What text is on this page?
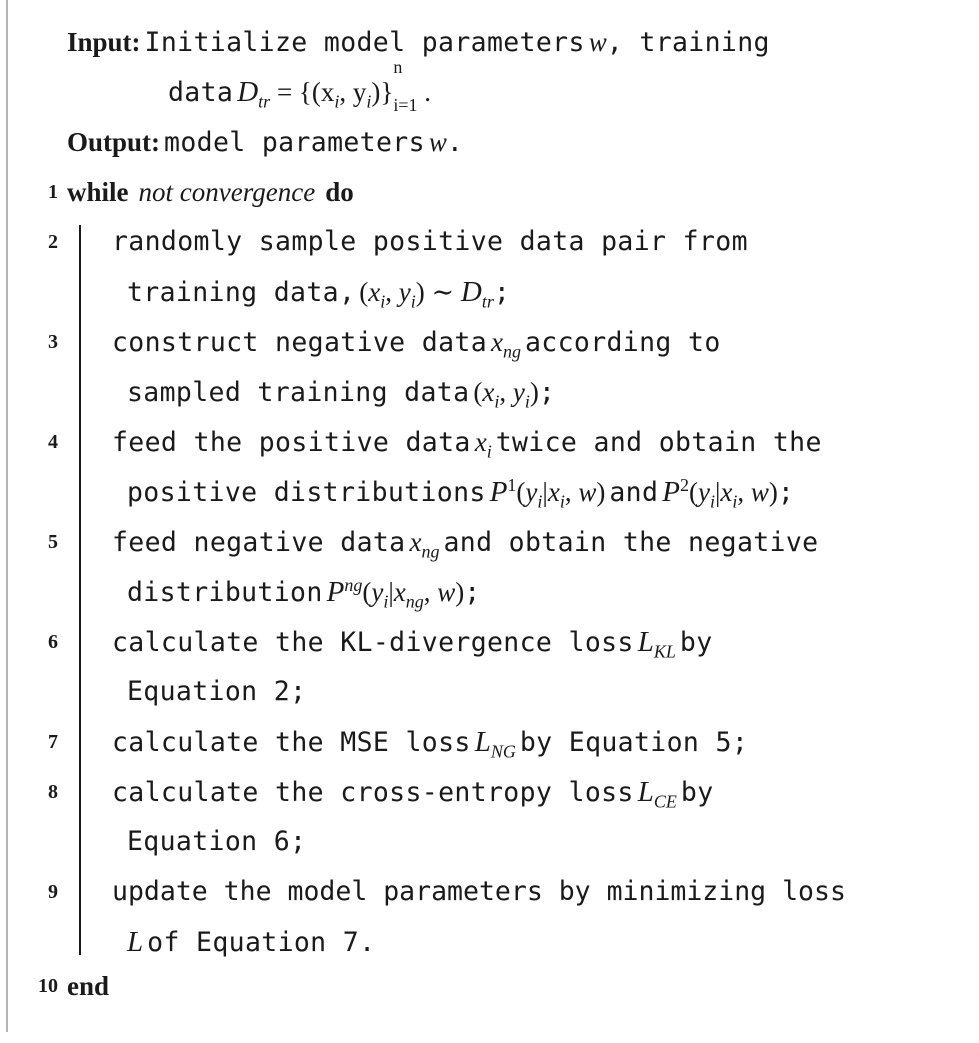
Input: Initialize model parameters w, training
data $D_{tr} = \{(x_i$, $y_i$)}
n
$_{i=1}$ .
Output: model parameters w.
1
2
3
4
5
6
7
8
9
10
while not convergence do
randomly sample positive data pair from
training data, ($x_i$, $y_i$) ∼ $D_{tr}$;
construct negative data $x_{ng}$ according to
sampled training data ($x_i$, $y_i$);
feed the positive data $x_i$ twice and obtain the
positive distributions $P^1(y_i|x_i$, w) and $P^2(y_i|x_i$, w);
feed negative data $x_{ng}$ and obtain the negative
distribution $P^{ng}(y_i|x_{ng}$, w);
calculate the KL-divergence loss $L_{KL}$ by
Equation 2;
calculate the MSE loss $L_{NG}$ by Equation 5;
calculate the cross-entropy loss $L_{CE}$ by
Equation 6;
update the model parameters by minimizing loss
L of Equation 7.
end
